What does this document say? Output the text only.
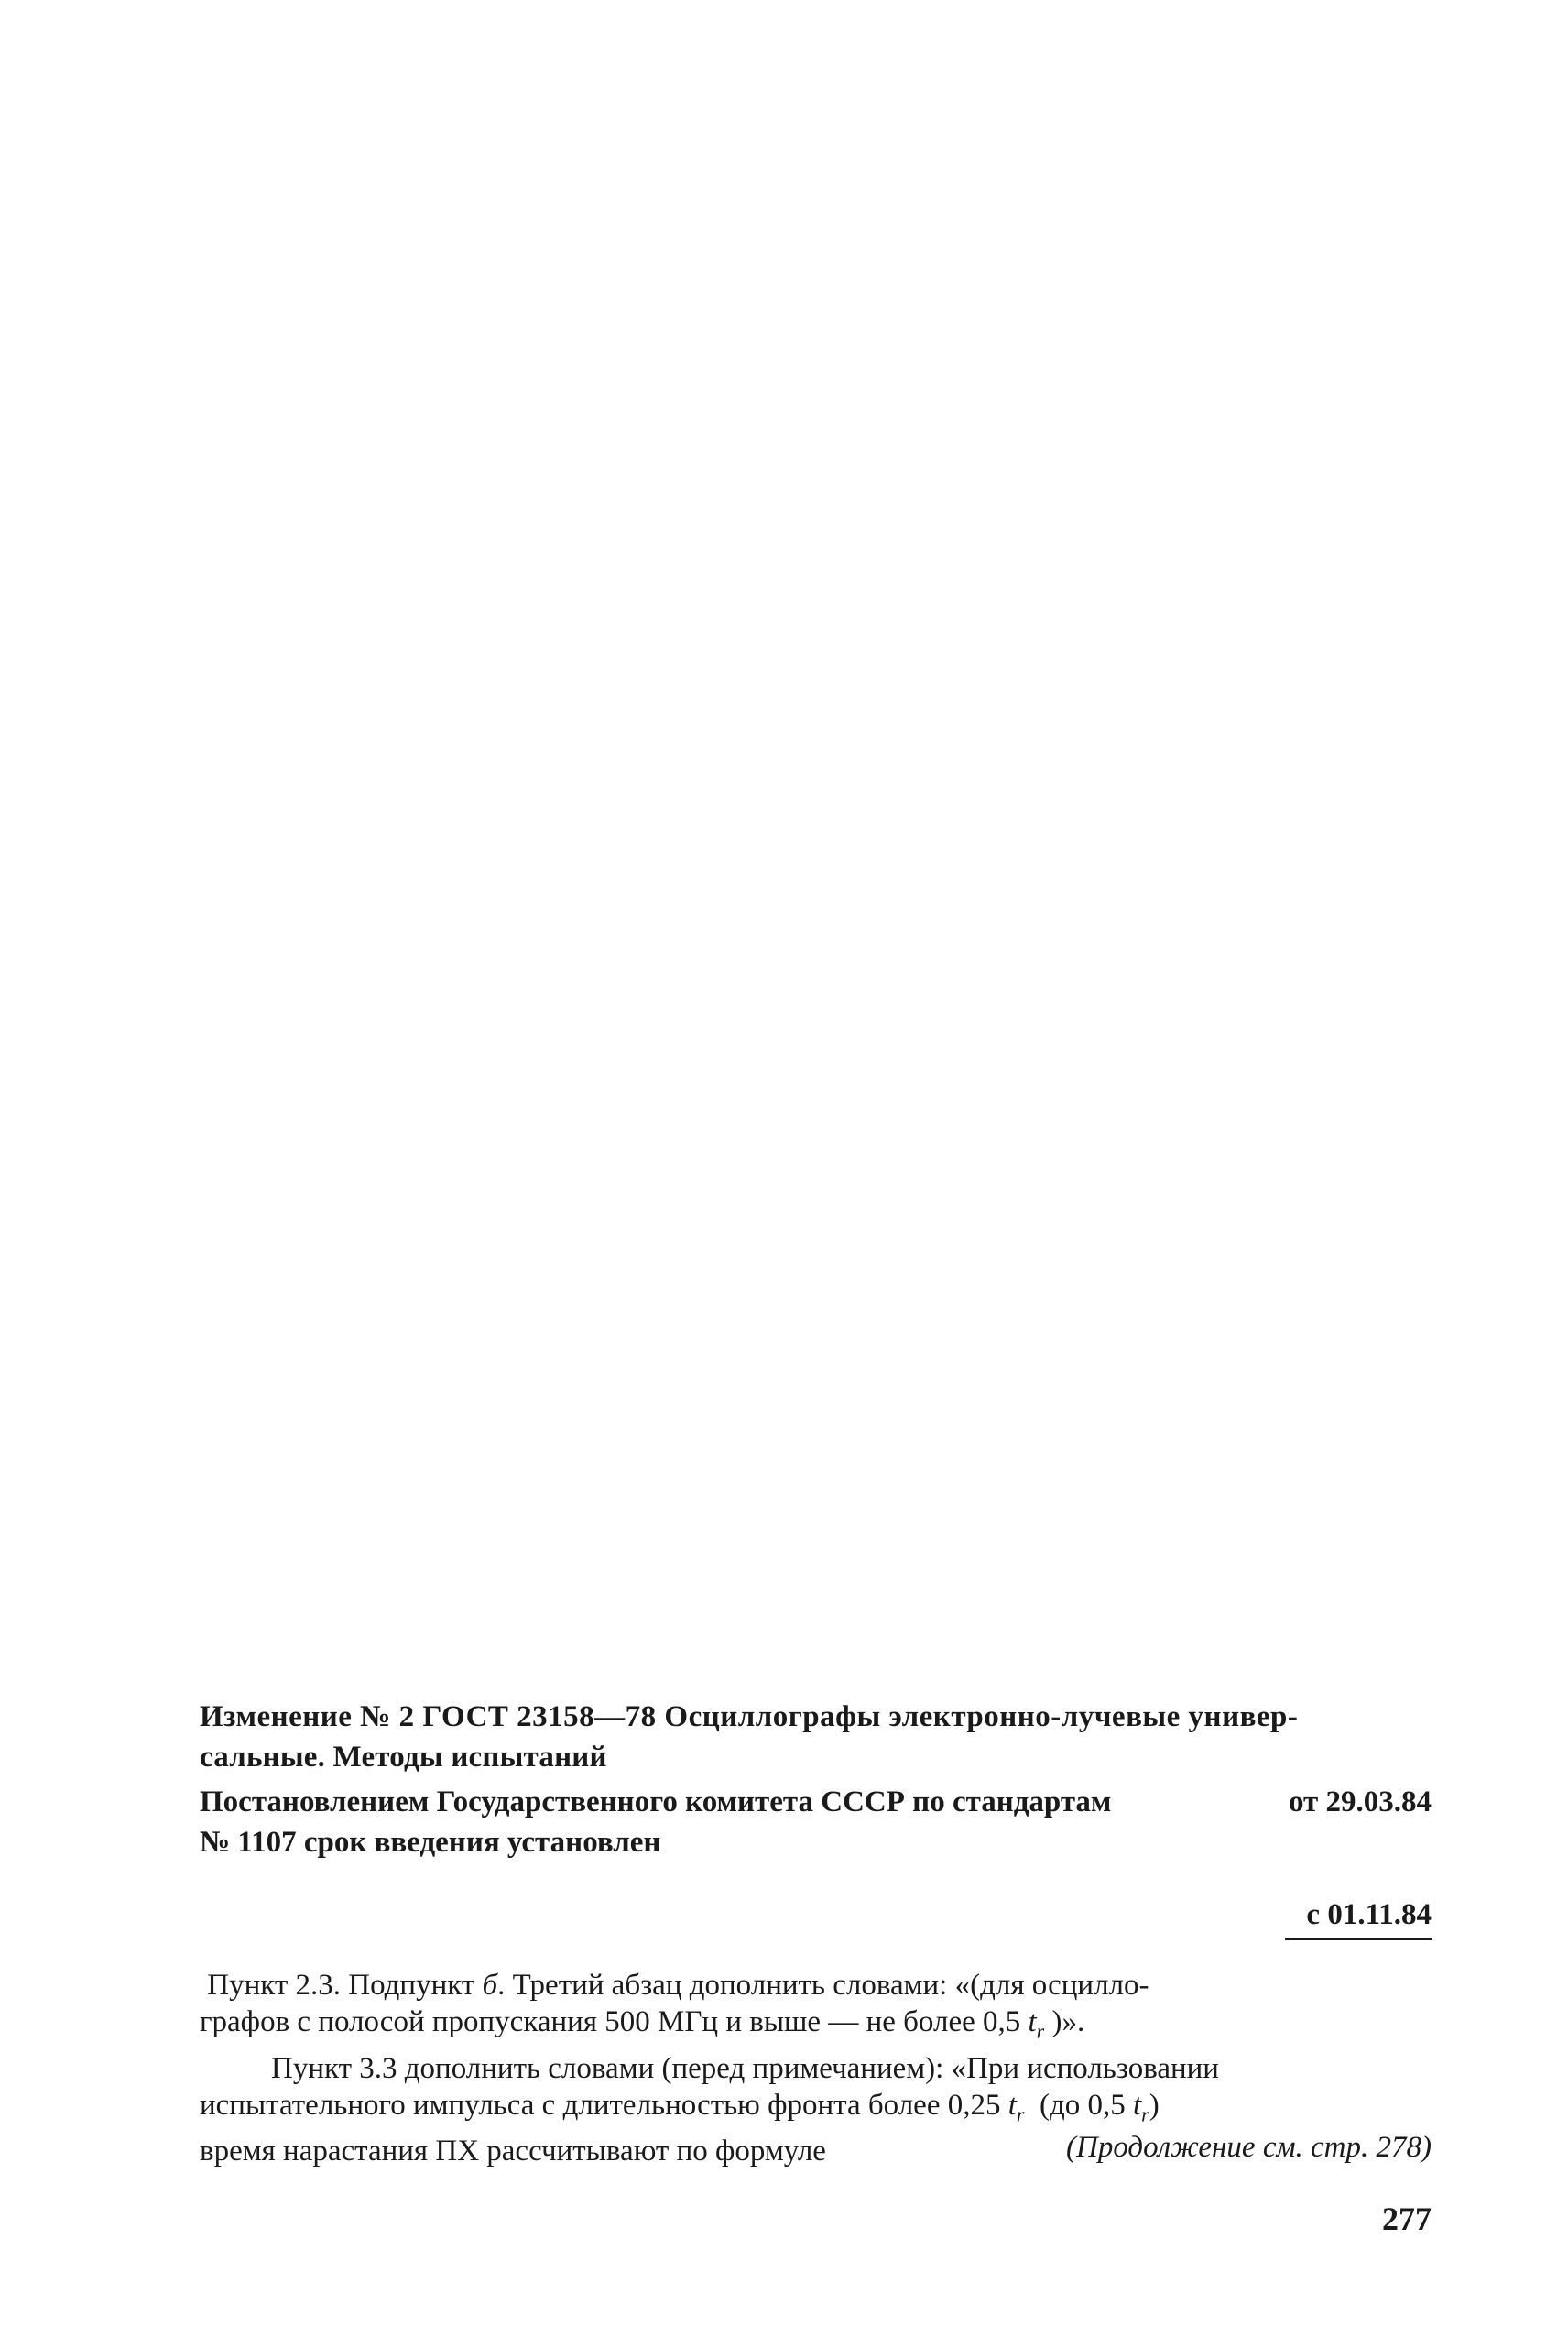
Изменение № 2 ГОСТ 23158—78 Осциллографы электронно-лучевые универ-
сальные. Методы испытаний
Постановлением Государственного комитета СССР по стандартам	от 29.03.84
№ 1107 срок введения установлен
с 01.11.84
Пункт 2.3. Подпункт б. Третий абзац дополнить словами: «(для осцилло-
графов с полосой пропускания 500 МГц и выше — не более 0,5 $t_r$ )».
Пункт 3.3 дополнить словами (перед примечанием): «При использовании
испытательного импульса с длительностью фронта более 0,25 $t_r$  (до 0,5 $t_r$)
время нарастания ПХ рассчитывают по формуле	(Продолжение см. стр. 278)
277
